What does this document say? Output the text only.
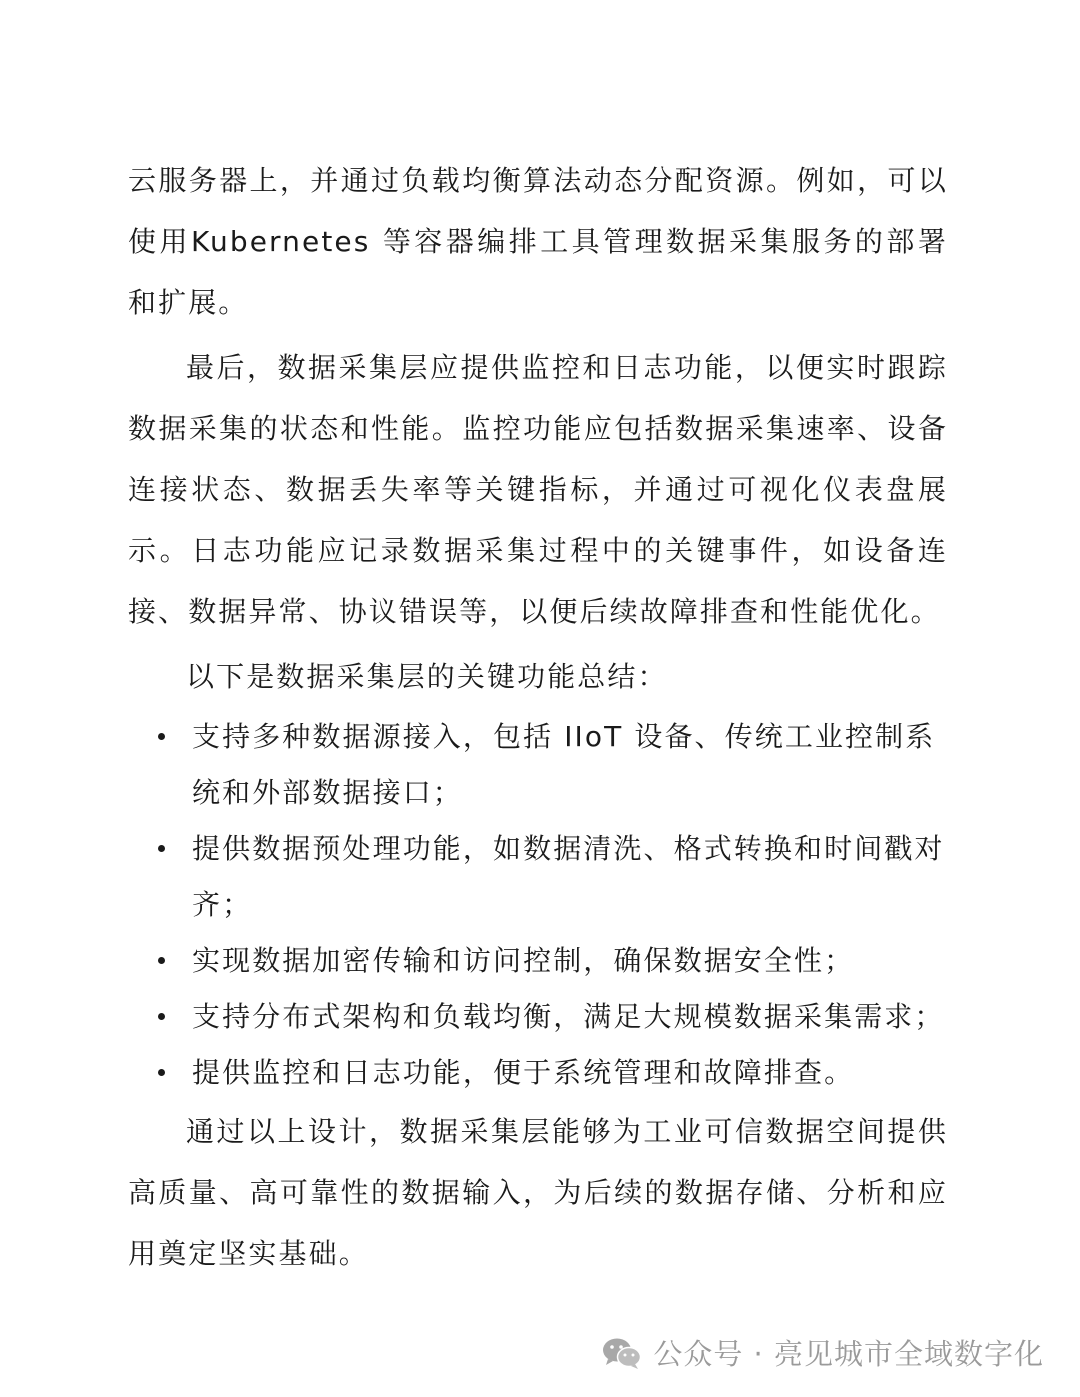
云服务器上，并通过负载均衡算法动态分配资源。例如，可以使用Kubernetes 等容器编排工具管理数据采集服务的部署和扩展。

最后，数据采集层应提供监控和日志功能，以便实时跟踪数据采集的状态和性能。监控功能应包括数据采集速率、设备连接状态、数据丢失率等关键指标，并通过可视化仪表盘展示。日志功能应记录数据采集过程中的关键事件，如设备连接、数据异常、协议错误等，以便后续故障排查和性能优化。

以下是数据采集层的关键功能总结：

支持多种数据源接入，包括 IIoT 设备、传统工业控制系统和外部数据接口；
提供数据预处理功能，如数据清洗、格式转换和时间戳对齐；
实现数据加密传输和访问控制，确保数据安全性；
支持分布式架构和负载均衡，满足大规模数据采集需求；
提供监控和日志功能，便于系统管理和故障排查。

通过以上设计，数据采集层能够为工业可信数据空间提供高质量、高可靠性的数据输入，为后续的数据存储、分析和应用奠定坚实基础。

公众号 · 亮见城市全域数字化
